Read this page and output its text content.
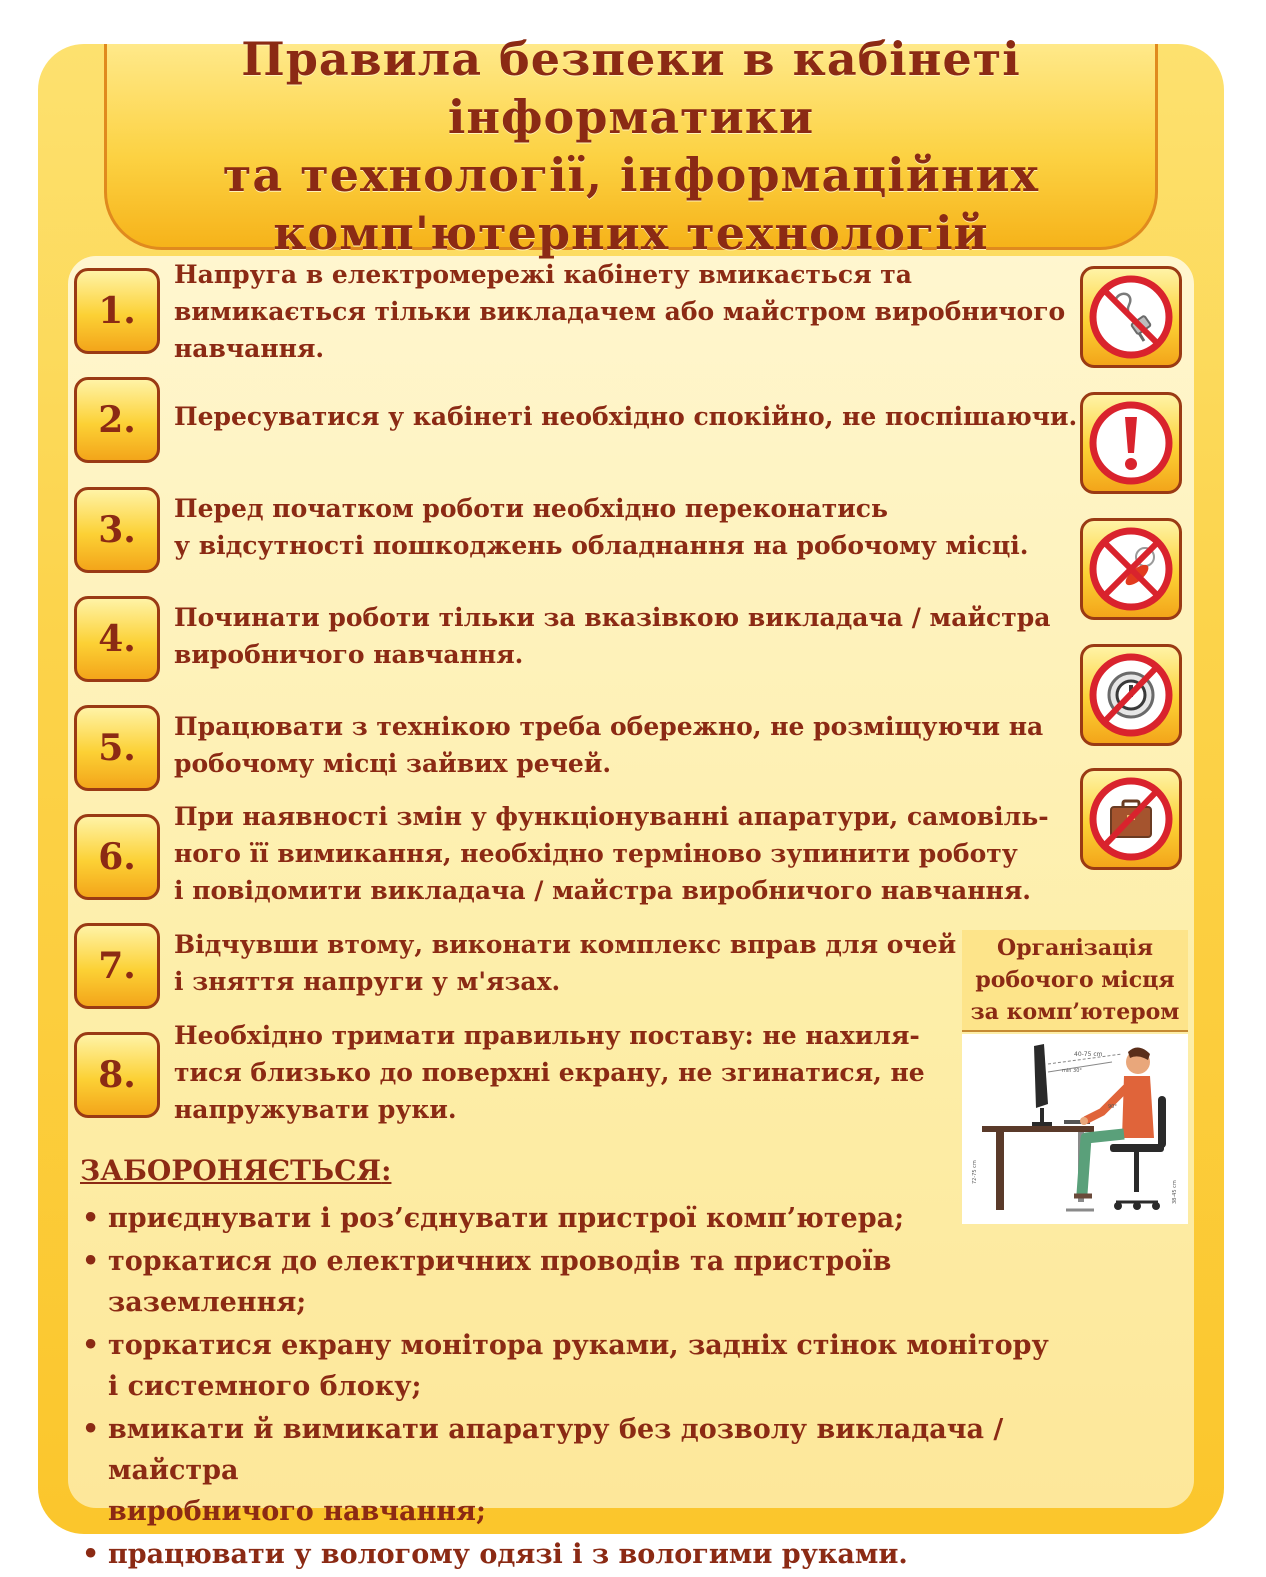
Правила безпеки в кабінеті інформатики
та технології, інформаційних
комп'ютерних технологій
1.

Напруга в електромережі кабінету вмикається та
вимикається тільки викладачем або майстром виробничого
навчання.

2.	Пересуватися у кабінеті необхідно спокійно, не поспішаючи.

3.

Перед початком роботи необхідно переконатись
у відсутності пошкоджень обладнання на робочому місці.

4.

Починати роботи тільки за вказівкою викладача / майстра
виробничого навчання.

5.

Працювати з технікою треба обережно, не розміщуючи на
робочому місці зайвих речей.

6.

При наявності змін у функціонуванні апаратури, самовіль-
ного її вимикання, необхідно терміново зупинити роботу
і повідомити викладача / майстра виробничого навчання.

7.

Відчувши втому, виконати комплекс вправ для очей
і зняття напруги у м'язах.

8.

Необхідно тримати правильну поставу: не нахиля-
тися близько до поверхні екрану, не згинатися, не
напружувати руки.

Організація
робочого місця
за комп’ютером
40-75 cm
min 30°
90°
72-75 cm
38-45 cm

ЗАБОРОНЯЄТЬСЯ:

• приєднувати і роз’єднувати пристрої комп’ютера;
• торкатися до електричних проводів та пристроїв заземлення;
• торкатися екрану монітора руками, задніх стінок монітору
і системного блоку;
• вмикати й вимикати апаратуру без дозволу викладача / майстра
виробничого навчання;
• працювати у вологому одязі і з вологими руками.
